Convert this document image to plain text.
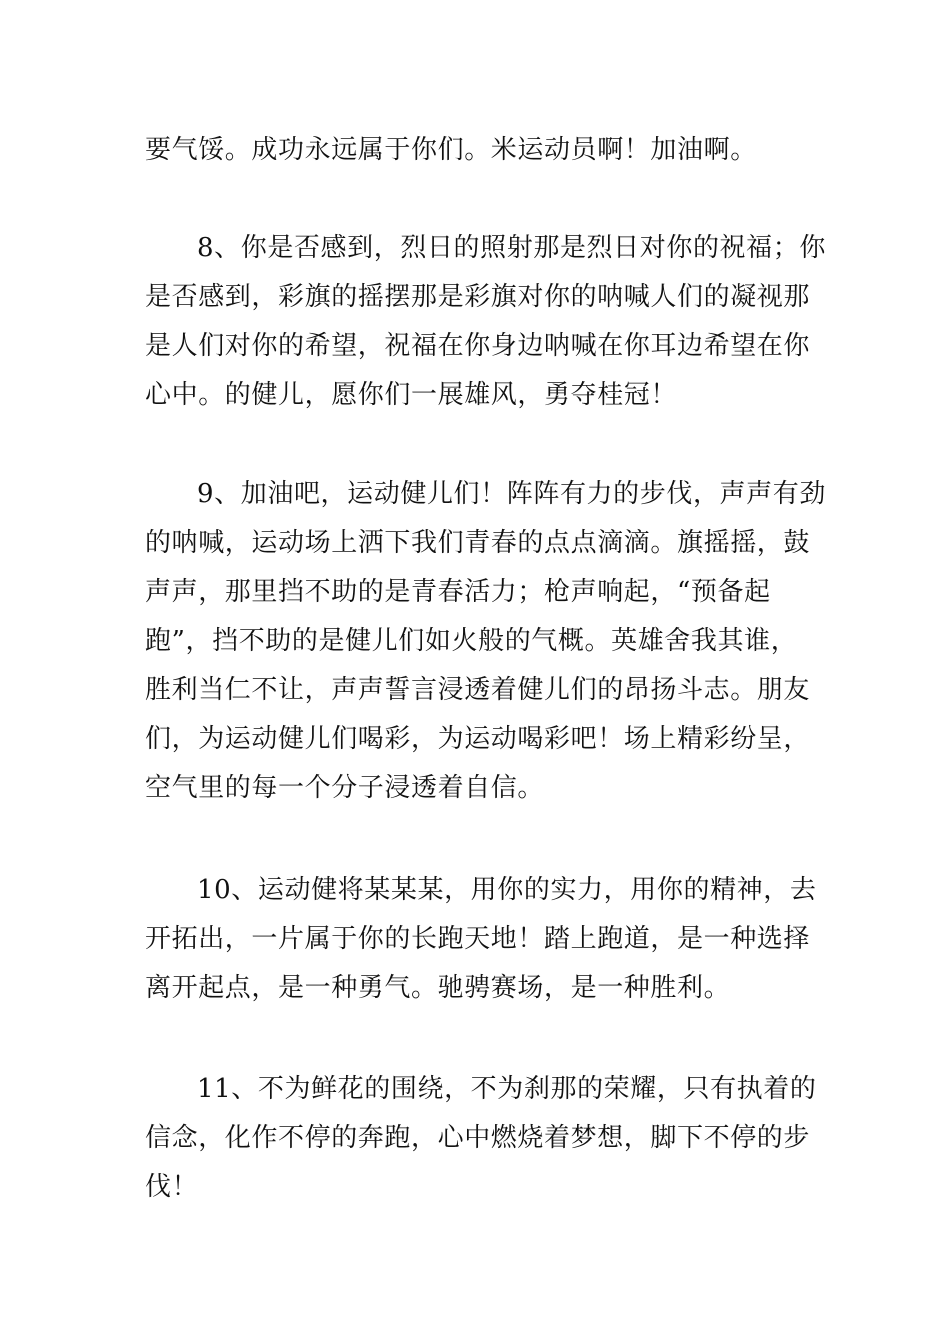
要气馁。成功永远属于你们。米运动员啊！加油啊。
8、你是否感到，烈日的照射那是烈日对你的祝福；你
是否感到，彩旗的摇摆那是彩旗对你的呐喊人们的凝视那
是人们对你的希望，祝福在你身边呐喊在你耳边希望在你
心中。的健儿，愿你们一展雄风，勇夺桂冠！
9、加油吧，运动健儿们！阵阵有力的步伐，声声有劲
的呐喊，运动场上洒下我们青春的点点滴滴。旗摇摇，鼓
声声，那里挡不助的是青春活力；枪声响起，“预备起
跑”，挡不助的是健儿们如火般的气概。英雄舍我其谁，
胜利当仁不让，声声誓言浸透着健儿们的昂扬斗志。朋友
们，为运动健儿们喝彩，为运动喝彩吧！场上精彩纷呈，
空气里的每一个分子浸透着自信。
10、运动健将某某某，用你的实力，用你的精神，去
开拓出，一片属于你的长跑天地！踏上跑道，是一种选择
离开起点，是一种勇气。驰骋赛场，是一种胜利。
11、不为鲜花的围绕，不为刹那的荣耀，只有执着的
信念，化作不停的奔跑，心中燃烧着梦想，脚下不停的步
伐！
